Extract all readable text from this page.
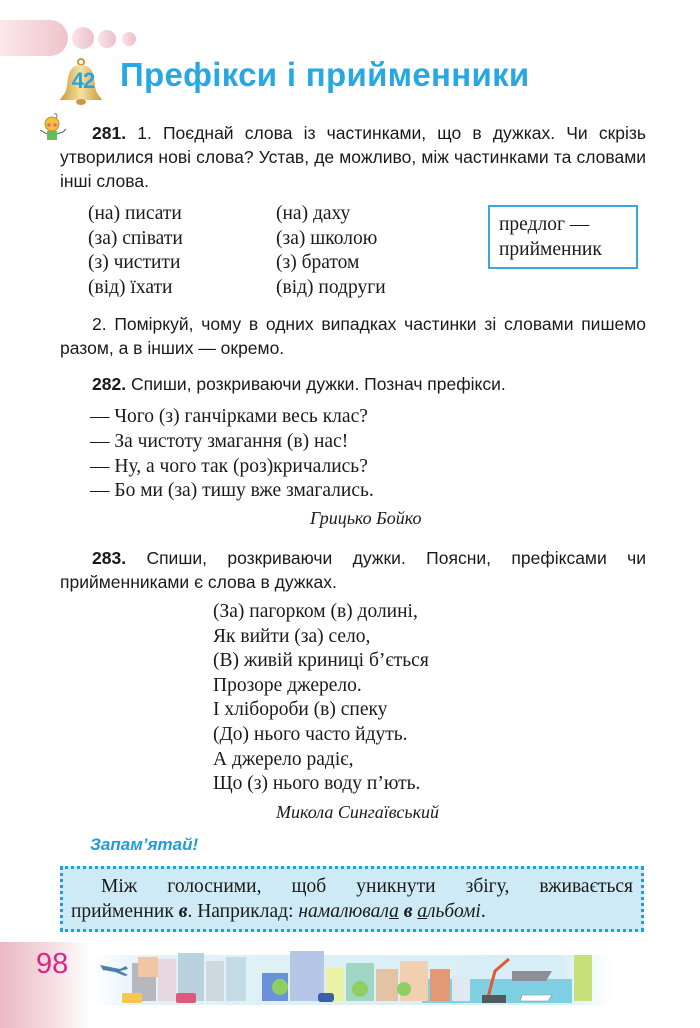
42 Префікси і прийменники
281. 1. Поєднай слова із частинками, що в дужках. Чи скрізь утворилися нові слова? Устав, де можливо, між частинками та словами інші слова.
(на) писати
(за) співати
(з) чистити
(від) їхати
(на) даху
(за) школою
(з) братом
(від) подруги
предлог —
прийменник
2. Поміркуй, чому в одних випадках частинки зі словами пишемо разом, а в інших — окремо.
282. Спиши, розкриваючи дужки. Познач префікси.
— Чого (з) ганчірками весь клас?
— За чистоту змагання (в) нас!
— Ну, а чого так (роз)кричались?
— Бо ми (за) тишу вже змагались.
Грицько Бойко
283. Спиши, розкриваючи дужки. Поясни, префіксами чи прийменниками є слова в дужках.
(За) пагорком (в) долині,
Як вийти (за) село,
(В) живій криниці б’ється
Прозоре джерело.
І хлібороби (в) спеку
(До) нього часто йдуть.
А джерело радіє,
Що (з) нього воду п’ють.
Микола Сингаївський
Запам’ятай!
Між голосними, щоб уникнути збігу, вживається
прийменник в. Наприклад: намалювала в альбомі.
98
